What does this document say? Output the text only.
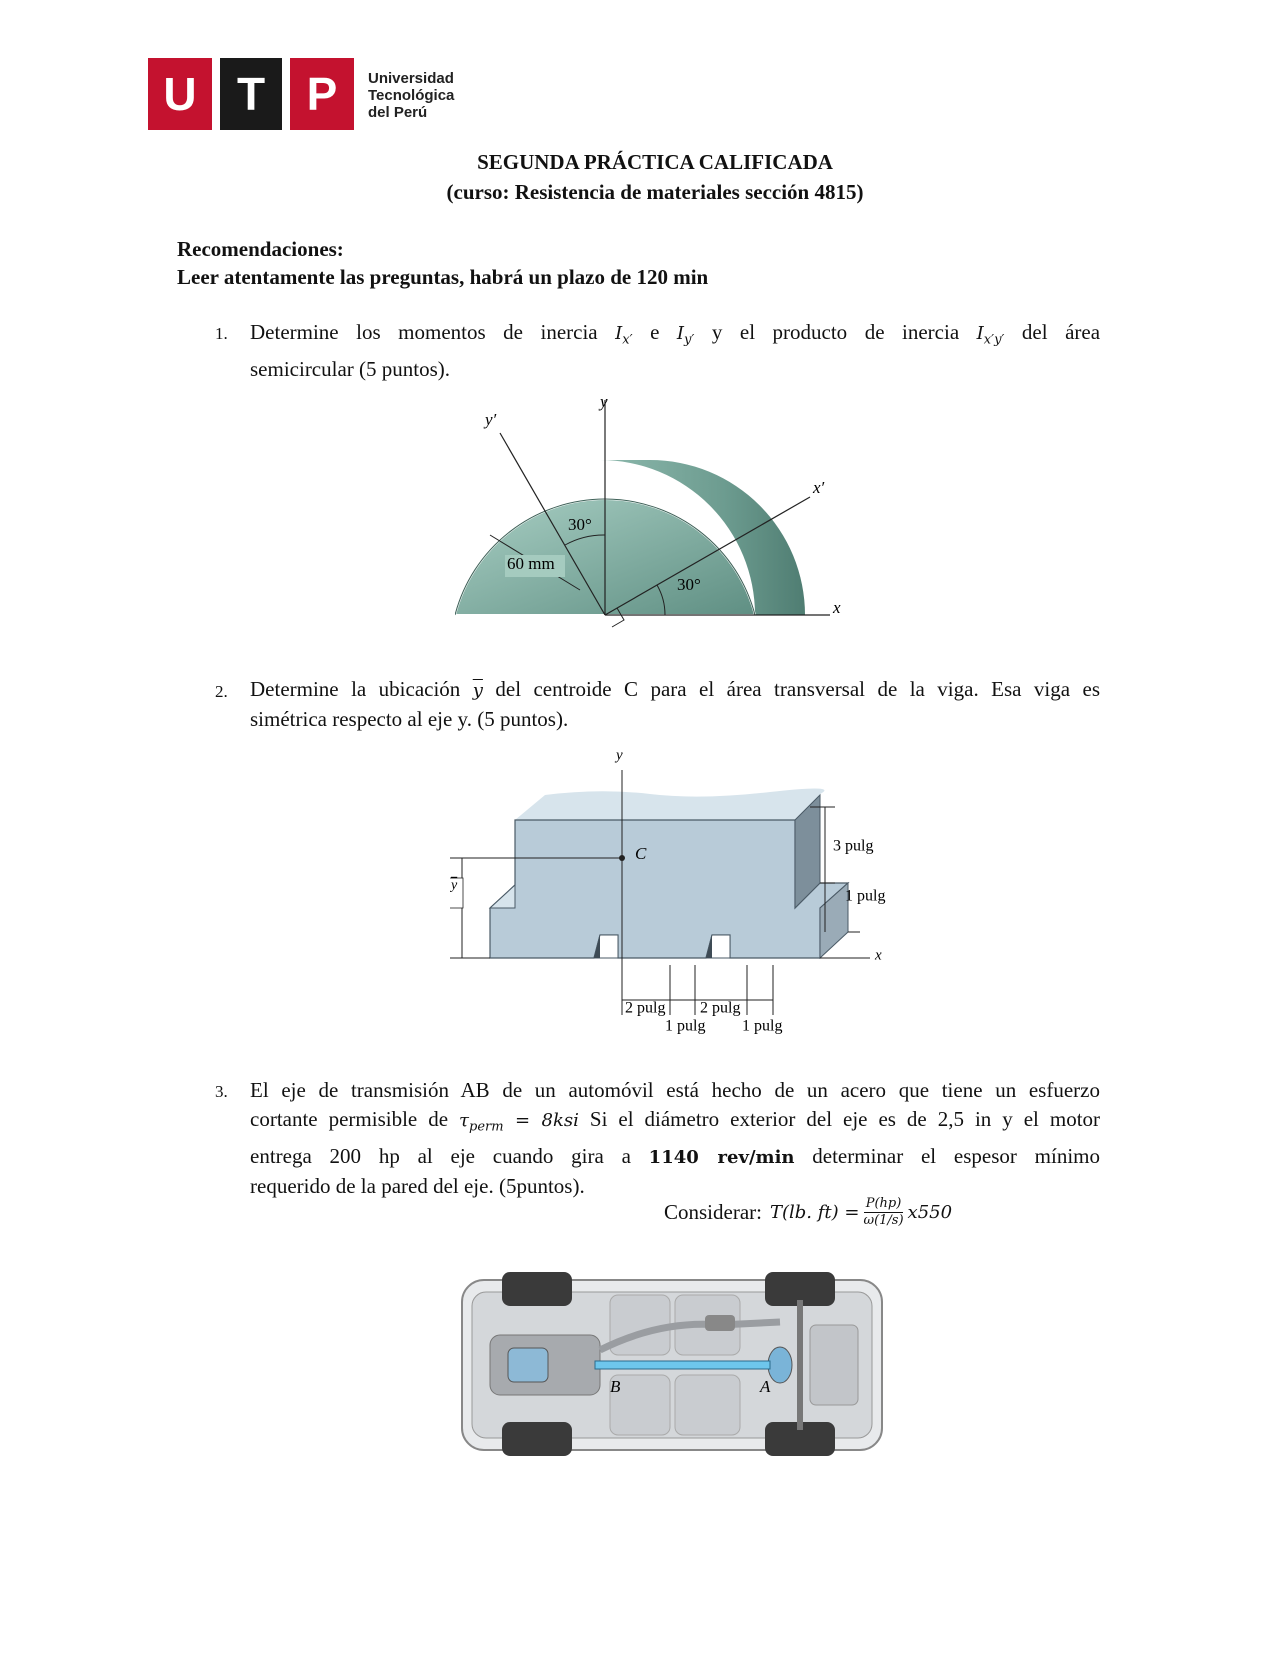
U T P	Universidad
Tecnológica
del Perú
SEGUNDA PRÁCTICA CALIFICADA
(curso: Resistencia de materiales sección 4815)
Recomendaciones:
Leer atentamente las preguntas, habrá un plazo de 120 min
1. Determine los momentos de inercia $I_{x'}$ e $I_{y'}$ y el producto de inercia $I_{x'y'}$ del área
semicircular (5 puntos).
y
y′
x′
x
30°
30°
60 mm
2. Determine la ubicación $\overline{y}$ del centroide C para el área transversal de la viga. Esa viga es
simétrica respecto al eje y. (5 puntos).
y
x
C
y
3 pulg
1 pulg
2 pulg 2 pulg
1 pulg 1 pulg
3. El eje de transmisión AB de un automóvil está hecho de un acero que tiene un esfuerzo
cortante permisible de $\tau_{perm} = 8ksi$ Si el diámetro exterior del eje es de 2,5 in y el motor
entrega 200 hp al eje cuando gira a 1140 rev/min determinar el espesor mínimo
requerido de la pared del eje. (5puntos).
Considerar: T(lb. $ft) = \frac{P(hp)}{\omega(1/s)} x550$
B	A
